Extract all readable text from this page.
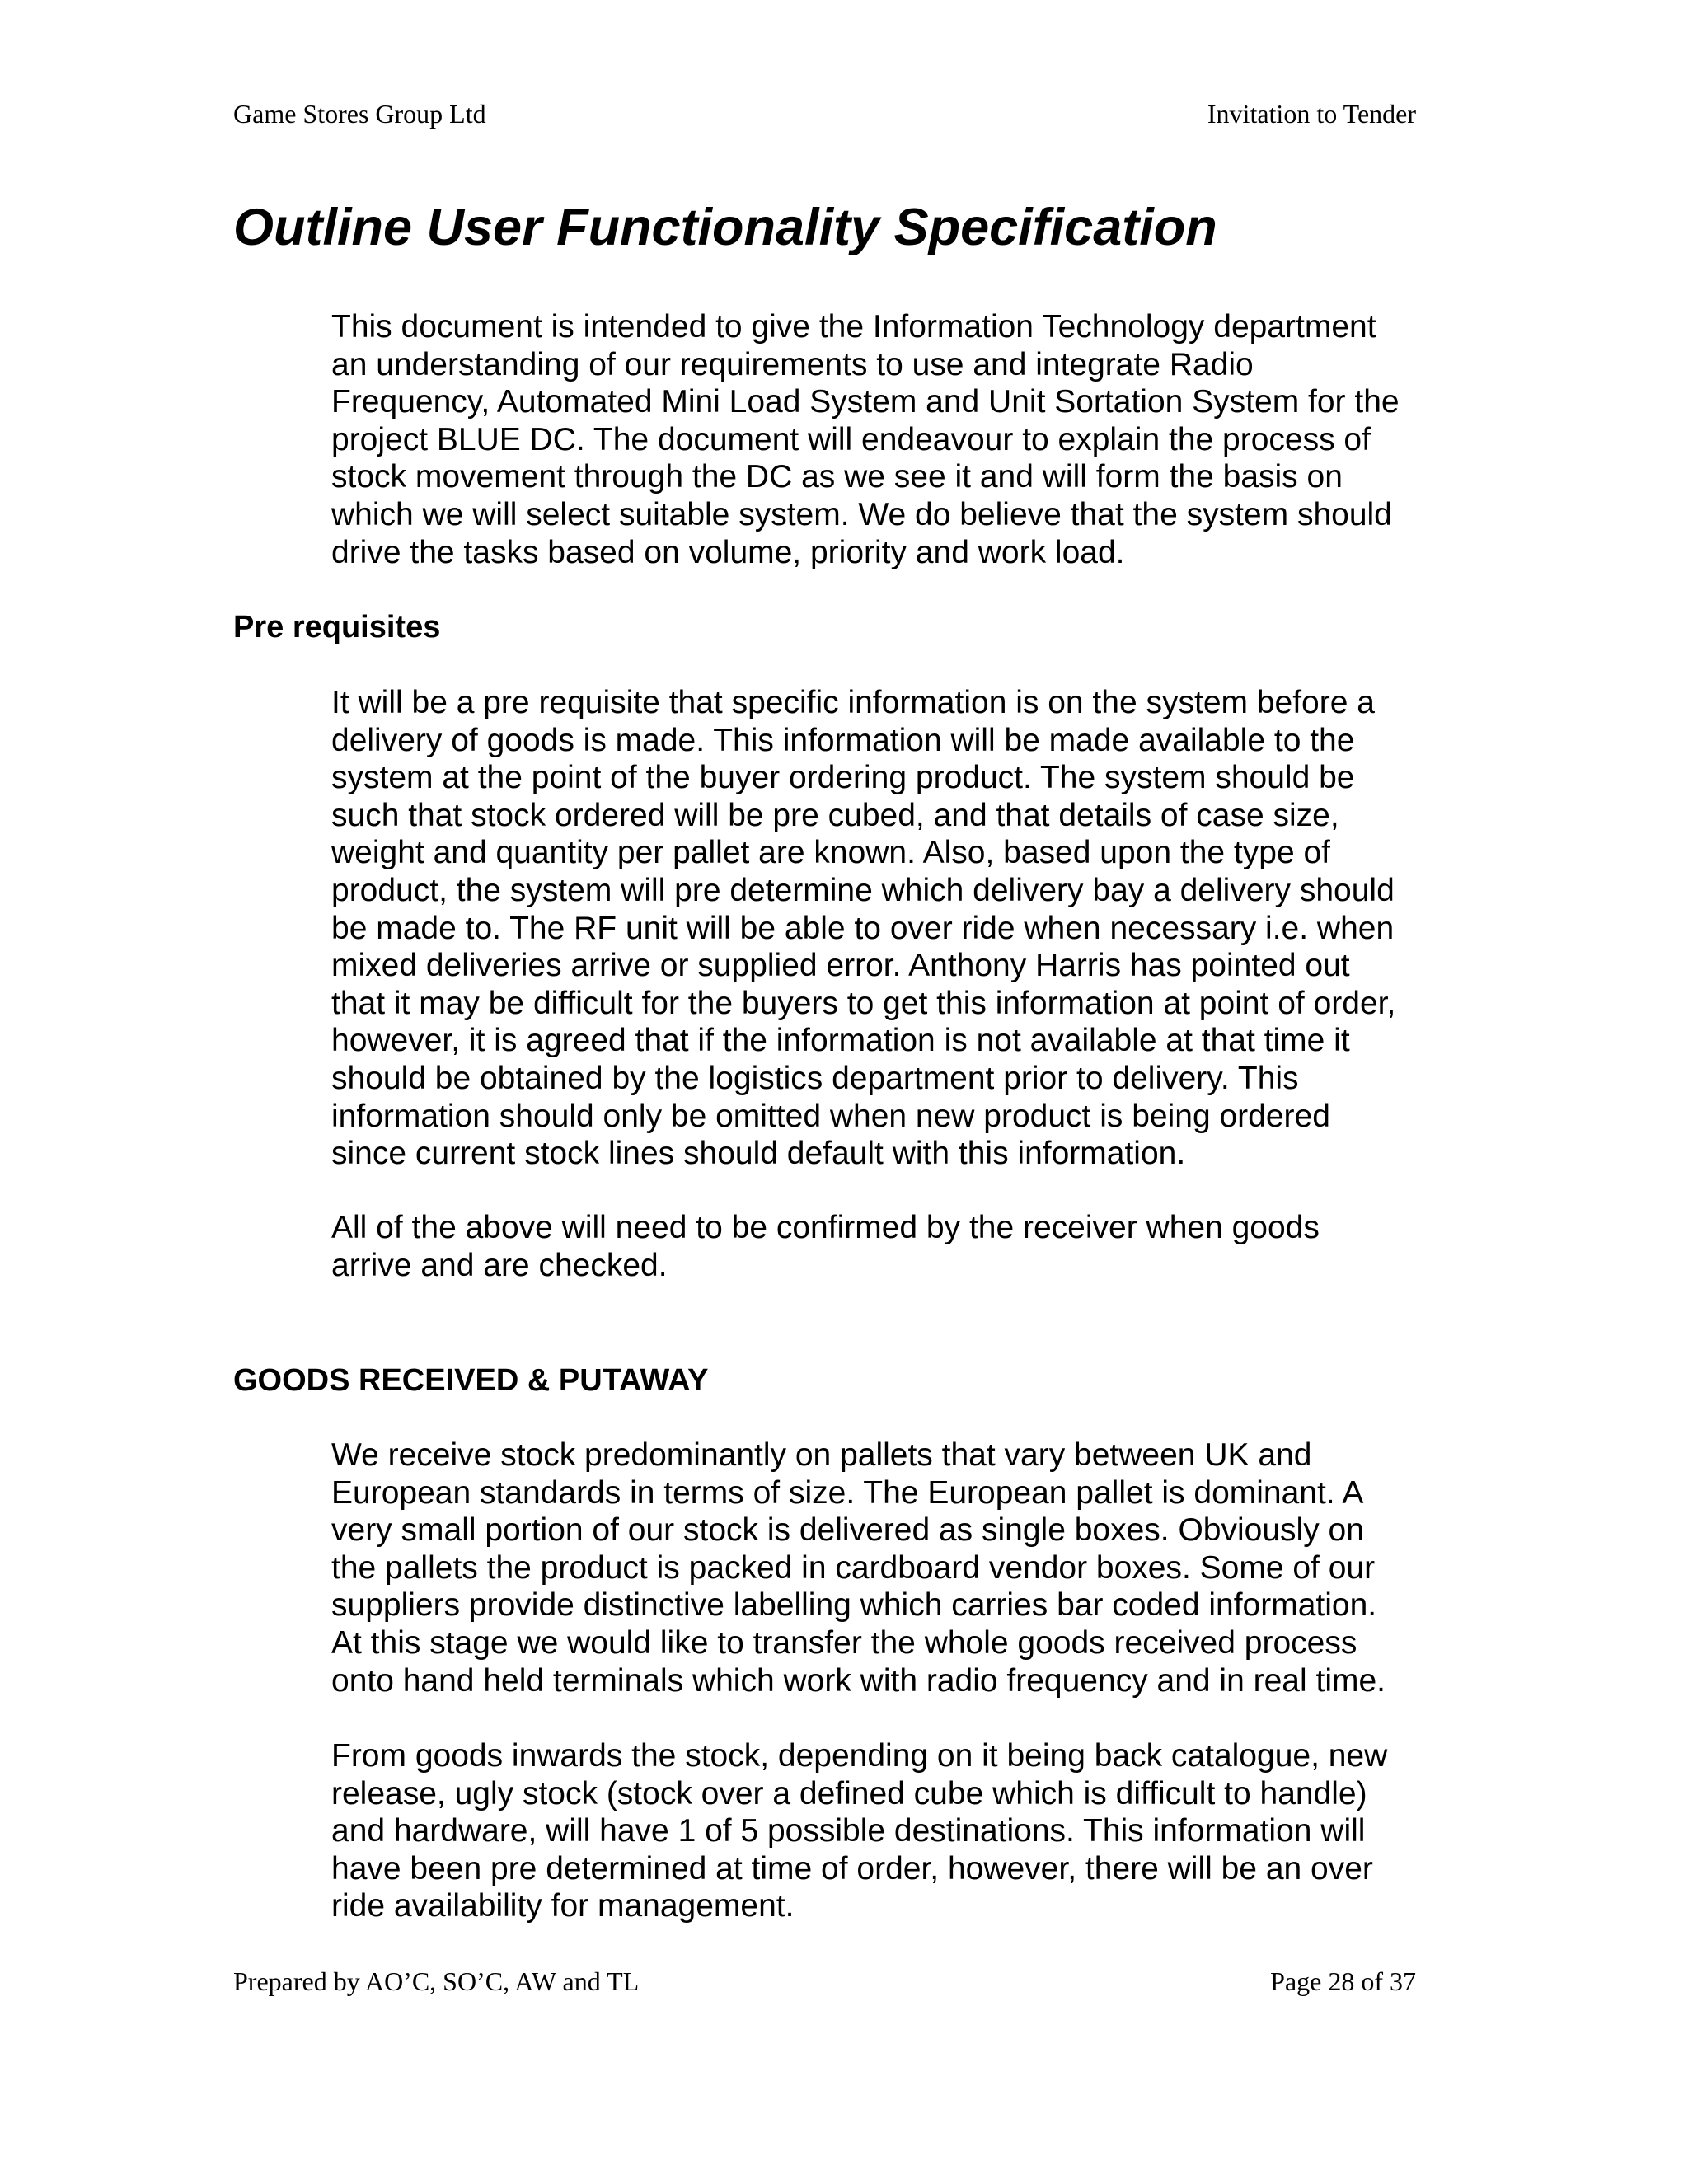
Game Stores Group Ltd	Invitation to Tender
Outline User Functionality Specification

This document is intended to give the Information Technology department
an understanding of our requirements to use and integrate Radio
Frequency, Automated Mini Load System and Unit Sortation System for the
project BLUE DC. The document will endeavour to explain the process of
stock movement through the DC as we see it and will form the basis on
which we will select suitable system. We do believe that the system should
drive the tasks based on volume, priority and work load.

Pre requisites

It will be a pre requisite that specific information is on the system before a
delivery of goods is made. This information will be made available to the
system at the point of the buyer ordering product. The system should be
such that stock ordered will be pre cubed, and that details of case size,
weight and quantity per pallet are known. Also, based upon the type of
product, the system will pre determine which delivery bay a delivery should
be made to. The RF unit will be able to over ride when necessary i.e. when
mixed deliveries arrive or supplied error. Anthony Harris has pointed out
that it may be difficult for the buyers to get this information at point of order,
however, it is agreed that if the information is not available at that time it
should be obtained by the logistics department prior to delivery. This
information should only be omitted when new product is being ordered
since current stock lines should default with this information.

All of the above will need to be confirmed by the receiver when goods
arrive and are checked.

GOODS RECEIVED & PUTAWAY

We receive stock predominantly on pallets that vary between UK and
European standards in terms of size. The European pallet is dominant. A
very small portion of our stock is delivered as single boxes. Obviously on
the pallets the product is packed in cardboard vendor boxes. Some of our
suppliers provide distinctive labelling which carries bar coded information.
At this stage we would like to transfer the whole goods received process
onto hand held terminals which work with radio frequency and in real time.

From goods inwards the stock, depending on it being back catalogue, new
release, ugly stock (stock over a defined cube which is difficult to handle)
and hardware, will have 1 of 5 possible destinations. This information will
have been pre determined at time of order, however, there will be an over
ride availability for management.

Prepared by AO’C, SO’C, AW and TL	Page 28 of 37
